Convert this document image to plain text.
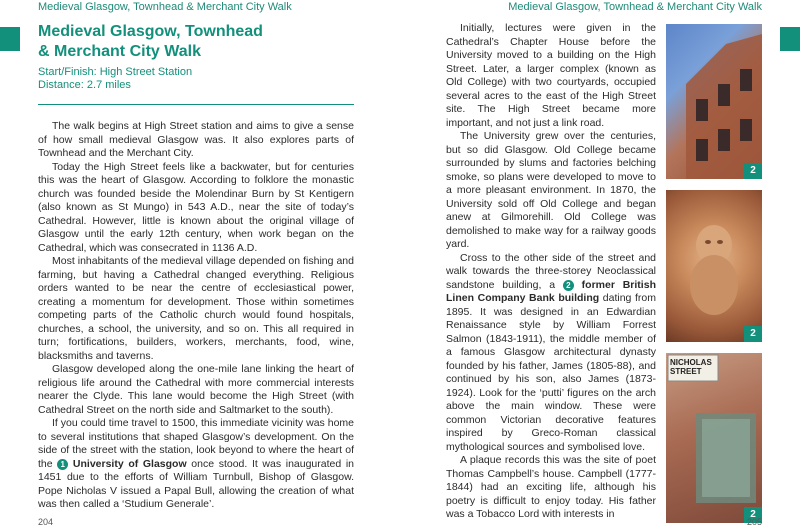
Medieval Glasgow, Townhead & Merchant City Walk	Medieval Glasgow, Townhead & Merchant City Walk
Medieval Glasgow, Townhead
& Merchant City Walk
Start/Finish: High Street Station
Distance: 2.7 miles

The walk begins at High Street station and aims to give a sense of how small medieval Glasgow was. It also explores parts of Townhead and the Merchant City.

Today the High Street feels like a backwater, but for centuries this was the heart of Glasgow. According to folklore the monastic church was founded beside the Molendinar Burn by St Kentigern (also known as St Mungo) in 543 A.D., near the site of today’s Cathedral. However, little is known about the original village of Glasgow until the early 12th century, when work began on the Cathedral, which was consecrated in 1136 A.D.

Most inhabitants of the medieval village depended on fishing and farming, but having a Cathedral changed everything. Religious orders wanted to be near the centre of ecclesiastical power, creating a momentum for development. Those within sometimes competing parts of the Catholic church would found hospitals, churches, a school, the university, and so on. This all required in turn; fortifications, builders, workers, merchants, food, wine, blacksmiths and taverns.

Glasgow developed along the one-mile lane linking the heart of religious life around the Cathedral with more commercial interests nearer the Clyde. This lane would become the High Street (with Cathedral Street on the north side and Saltmarket to the south).

If you could time travel to 1500, this immediate vicinity was home to several institutions that shaped Glasgow’s development. On the side of the street with the station, look beyond to where the heart of the 1 University of Glasgow once stood. It was inaugurated in 1451 due to the efforts of William Turnbull, Bishop of Glasgow. Pope Nicholas V issued a Papal Bull, allowing the creation of what was then called a ‘Studium Generale’.

Initially, lectures were given in the Cathedral’s Chapter House before the University moved to a building on the High Street. Later, a larger complex (known as Old College) with two courtyards, occupied several acres to the east of the High Street site. The High Street became more important, and not just a link road.

The University grew over the centuries, but so did Glasgow. Old College became surrounded by slums and factories belching smoke, so plans were developed to move to a more pleasant environment. In 1870, the University sold off Old College and began anew at Gilmorehill. Old College was demolished to make way for a railway goods yard.

Cross to the other side of the street and walk towards the three-storey Neoclassical sandstone building, a 2 former British Linen Company Bank building dating from 1895. It was designed in an Edwardian Renaissance style by William Forrest Salmon (1843-1911), the middle member of a famous Glasgow architectural dynasty founded by his father, James (1805-88), and continued by his son, also James (1873-1924). Look for the ‘putti’ figures on the arch above the main window. These were common Victorian decorative features inspired by Greco-Roman classical mythological sources and symbolised love.

A plaque records this was the site of poet Thomas Campbell’s house. Campbell (1777-1844) had an exciting life, although his poetry is difficult to enjoy today. His father was a Tobacco Lord with interests in

2
2
NICHOLAS
STREET
2
204	205
